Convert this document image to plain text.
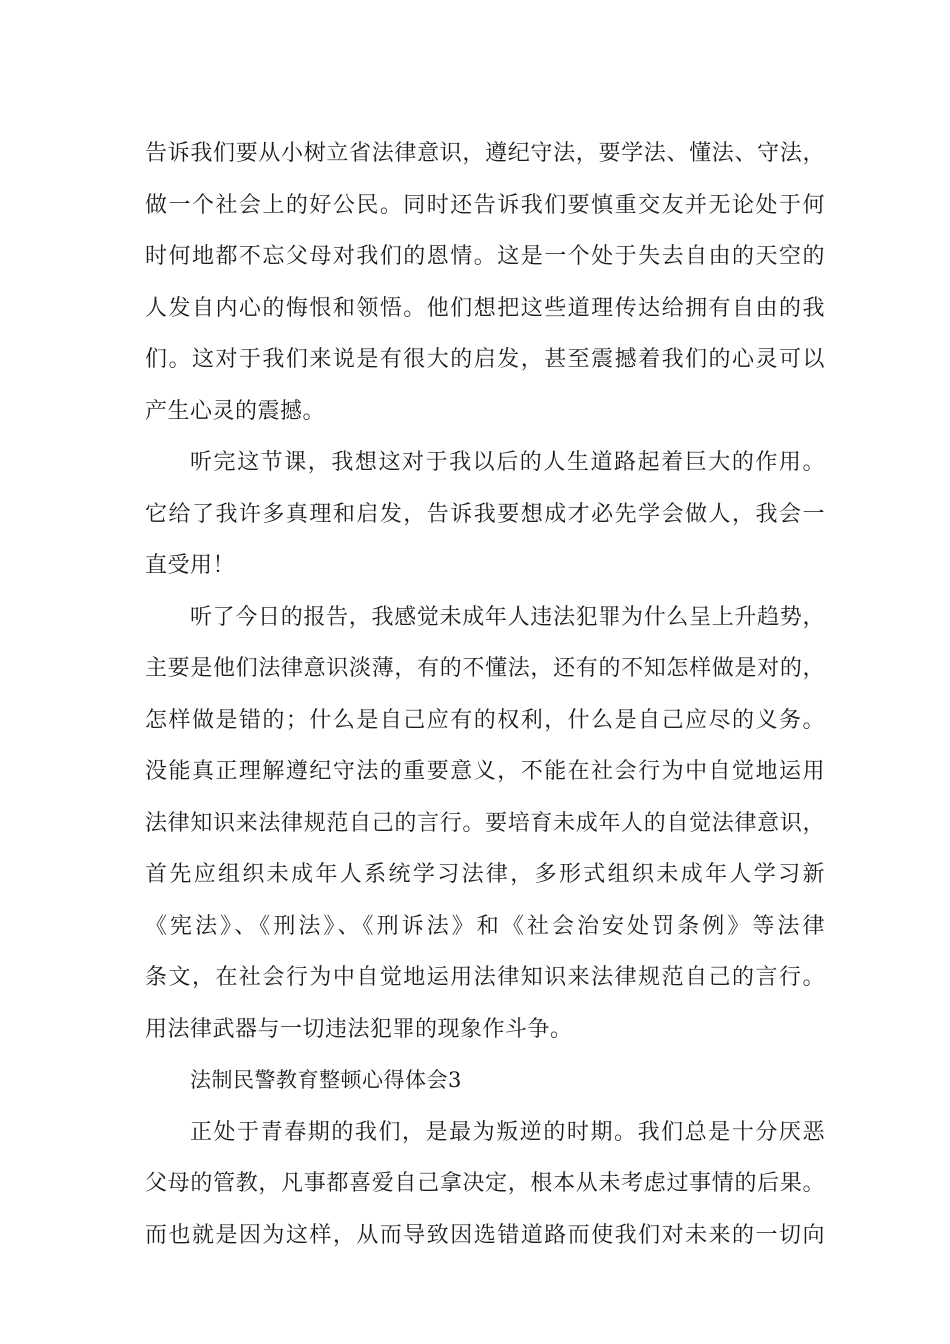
告诉我们要从小树立省法律意识，遵纪守法，要学法、懂法、守法，
做一个社会上的好公民。同时还告诉我们要慎重交友并无论处于何
时何地都不忘父母对我们的恩情。这是一个处于失去自由的天空的
人发自内心的悔恨和领悟。他们想把这些道理传达给拥有自由的我
们。这对于我们来说是有很大的启发，甚至震撼着我们的心灵可以
产生心灵的震撼。
听完这节课，我想这对于我以后的人生道路起着巨大的作用。
它给了我许多真理和启发，告诉我要想成才必先学会做人，我会一
直受用！
听了今日的报告，我感觉未成年人违法犯罪为什么呈上升趋势，
主要是他们法律意识淡薄，有的不懂法，还有的不知怎样做是对的，
怎样做是错的；什么是自己应有的权利，什么是自己应尽的义务。
没能真正理解遵纪守法的重要意义，不能在社会行为中自觉地运用
法律知识来法律规范自己的言行。要培育未成年人的自觉法律意识，
首先应组织未成年人系统学习法律，多形式组织未成年人学习新
《宪法》、《刑法》、《刑诉法》和《社会治安处罚条例》等法律
条文，在社会行为中自觉地运用法律知识来法律规范自己的言行。
用法律武器与一切违法犯罪的现象作斗争。
法制民警教育整顿心得体会3
正处于青春期的我们，是最为叛逆的时期。我们总是十分厌恶
父母的管教，凡事都喜爱自己拿决定，根本从未考虑过事情的后果。
而也就是因为这样，从而导致因选错道路而使我们对未来的一切向
